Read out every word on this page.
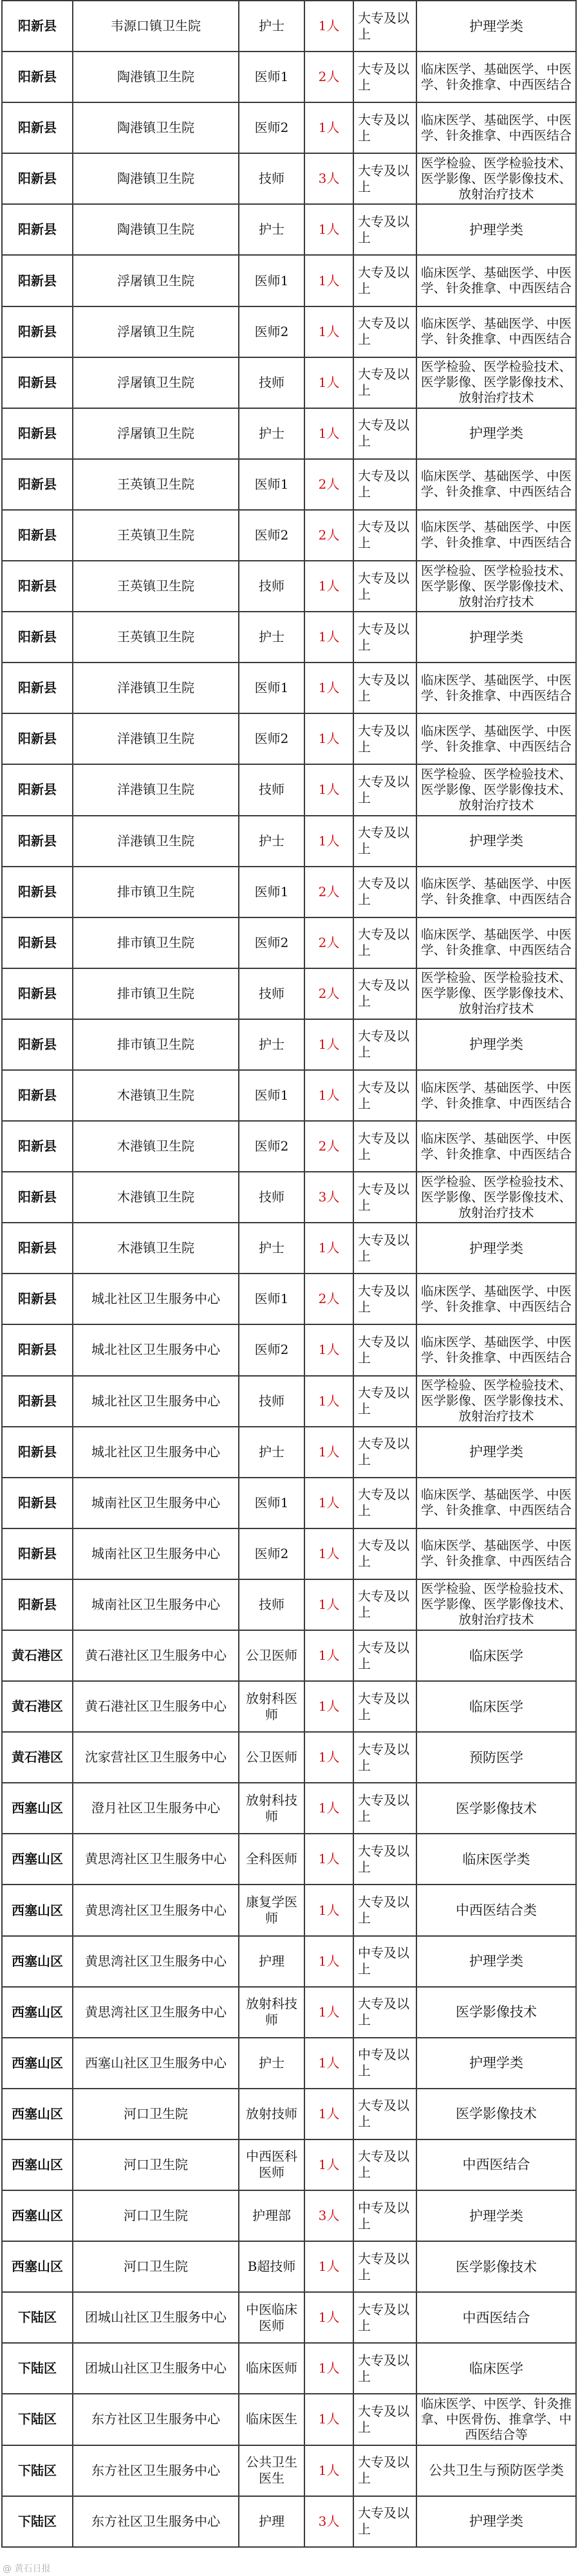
阳新县	韦源口镇卫生院	护士	1人	大专及以上	护理学类
阳新县	陶港镇卫生院	医师1	2人	大专及以上	临床医学、基础医学、中医学、针灸推拿、中西医结合
阳新县	陶港镇卫生院	医师2	1人	大专及以上	临床医学、基础医学、中医学、针灸推拿、中西医结合
阳新县	陶港镇卫生院	技师	3人	大专及以上	医学检验、医学检验技术、医学影像、医学影像技术、放射治疗技术
阳新县	陶港镇卫生院	护士	1人	大专及以上	护理学类
阳新县	浮屠镇卫生院	医师1	1人	大专及以上	临床医学、基础医学、中医学、针灸推拿、中西医结合
阳新县	浮屠镇卫生院	医师2	1人	大专及以上	临床医学、基础医学、中医学、针灸推拿、中西医结合
阳新县	浮屠镇卫生院	技师	1人	大专及以上	医学检验、医学检验技术、医学影像、医学影像技术、放射治疗技术
阳新县	浮屠镇卫生院	护士	1人	大专及以上	护理学类
阳新县	王英镇卫生院	医师1	2人	大专及以上	临床医学、基础医学、中医学、针灸推拿、中西医结合
阳新县	王英镇卫生院	医师2	2人	大专及以上	临床医学、基础医学、中医学、针灸推拿、中西医结合
阳新县	王英镇卫生院	技师	1人	大专及以上	医学检验、医学检验技术、医学影像、医学影像技术、放射治疗技术
阳新县	王英镇卫生院	护士	1人	大专及以上	护理学类
阳新县	洋港镇卫生院	医师1	1人	大专及以上	临床医学、基础医学、中医学、针灸推拿、中西医结合
阳新县	洋港镇卫生院	医师2	1人	大专及以上	临床医学、基础医学、中医学、针灸推拿、中西医结合
阳新县	洋港镇卫生院	技师	1人	大专及以上	医学检验、医学检验技术、医学影像、医学影像技术、放射治疗技术
阳新县	洋港镇卫生院	护士	1人	大专及以上	护理学类
阳新县	排市镇卫生院	医师1	2人	大专及以上	临床医学、基础医学、中医学、针灸推拿、中西医结合
阳新县	排市镇卫生院	医师2	2人	大专及以上	临床医学、基础医学、中医学、针灸推拿、中西医结合
阳新县	排市镇卫生院	技师	2人	大专及以上	医学检验、医学检验技术、医学影像、医学影像技术、放射治疗技术
阳新县	排市镇卫生院	护士	1人	大专及以上	护理学类
阳新县	木港镇卫生院	医师1	1人	大专及以上	临床医学、基础医学、中医学、针灸推拿、中西医结合
阳新县	木港镇卫生院	医师2	2人	大专及以上	临床医学、基础医学、中医学、针灸推拿、中西医结合
阳新县	木港镇卫生院	技师	3人	大专及以上	医学检验、医学检验技术、医学影像、医学影像技术、放射治疗技术
阳新县	木港镇卫生院	护士	1人	大专及以上	护理学类
阳新县	城北社区卫生服务中心	医师1	2人	大专及以上	临床医学、基础医学、中医学、针灸推拿、中西医结合
阳新县	城北社区卫生服务中心	医师2	1人	大专及以上	临床医学、基础医学、中医学、针灸推拿、中西医结合
阳新县	城北社区卫生服务中心	技师	1人	大专及以上	医学检验、医学检验技术、医学影像、医学影像技术、放射治疗技术
阳新县	城北社区卫生服务中心	护士	1人	大专及以上	护理学类
阳新县	城南社区卫生服务中心	医师1	1人	大专及以上	临床医学、基础医学、中医学、针灸推拿、中西医结合
阳新县	城南社区卫生服务中心	医师2	1人	大专及以上	临床医学、基础医学、中医学、针灸推拿、中西医结合
阳新县	城南社区卫生服务中心	技师	1人	大专及以上	医学检验、医学检验技术、医学影像、医学影像技术、放射治疗技术
黄石港区	黄石港社区卫生服务中心	公卫医师	1人	大专及以上	临床医学
黄石港区	黄石港社区卫生服务中心	放射科医师	1人	大专及以上	临床医学
黄石港区	沈家营社区卫生服务中心	公卫医师	1人	大专及以上	预防医学
西塞山区	澄月社区卫生服务中心	放射科技师	1人	大专及以上	医学影像技术
西塞山区	黄思湾社区卫生服务中心	全科医师	1人	大专及以上	临床医学类
西塞山区	黄思湾社区卫生服务中心	康复学医师	1人	大专及以上	中西医结合类
西塞山区	黄思湾社区卫生服务中心	护理	1人	中专及以上	护理学类
西塞山区	黄思湾社区卫生服务中心	放射科技师	1人	大专及以上	医学影像技术
西塞山区	西塞山社区卫生服务中心	护士	1人	中专及以上	护理学类
西塞山区	河口卫生院	放射技师	1人	大专及以上	医学影像技术
西塞山区	河口卫生院	中西医科医师	1人	大专及以上	中西医结合
西塞山区	河口卫生院	护理部	3人	中专及以上	护理学类
西塞山区	河口卫生院	B超技师	1人	大专及以上	医学影像技术
下陆区	团城山社区卫生服务中心	中医临床医师	1人	大专及以上	中西医结合
下陆区	团城山社区卫生服务中心	临床医师	1人	大专及以上	临床医学
下陆区	东方社区卫生服务中心	临床医生	1人	大专及以上	临床医学、中医学、针灸推拿、中医骨伤、推拿学、中西医结合等
下陆区	东方社区卫生服务中心	公共卫生医生	1人	大专及以上	公共卫生与预防医学类
下陆区	东方社区卫生服务中心	护理	3人	大专及以上	护理学类
@ 黄石日报
